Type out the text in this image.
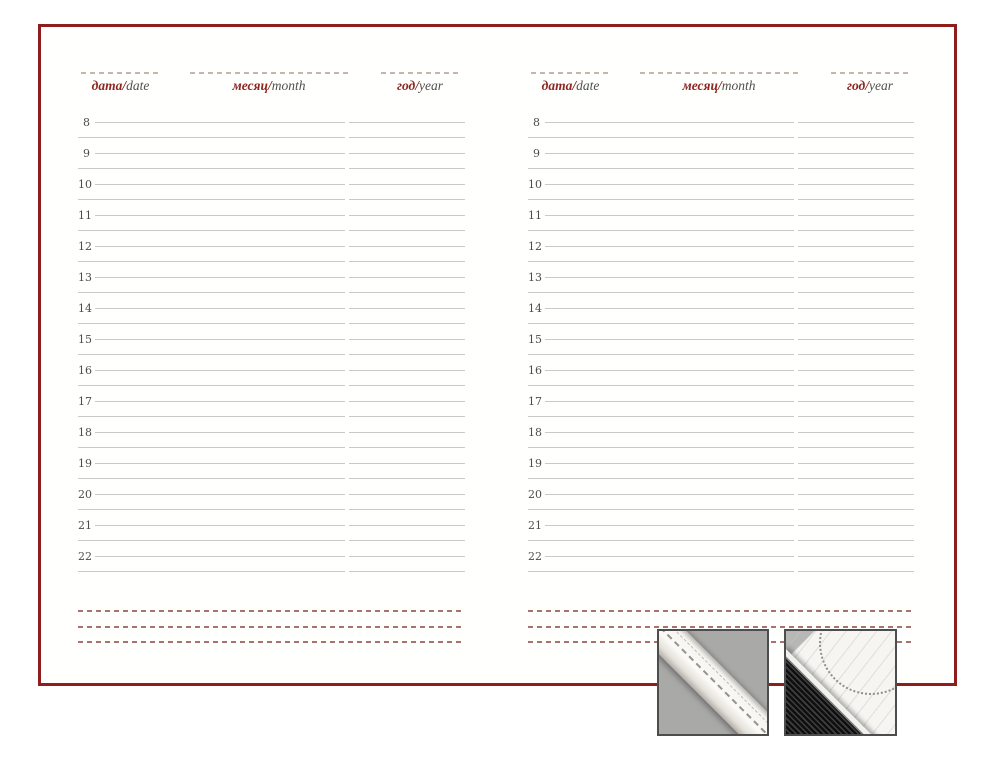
дата/date	месяц/month	год/year
8
9
10
11
12
13
14
15
16
17
18
19
20
21
22
дата/date	месяц/month	год/year
8
9
10
11
12
13
14
15
16
17
18
19
20
21
22
